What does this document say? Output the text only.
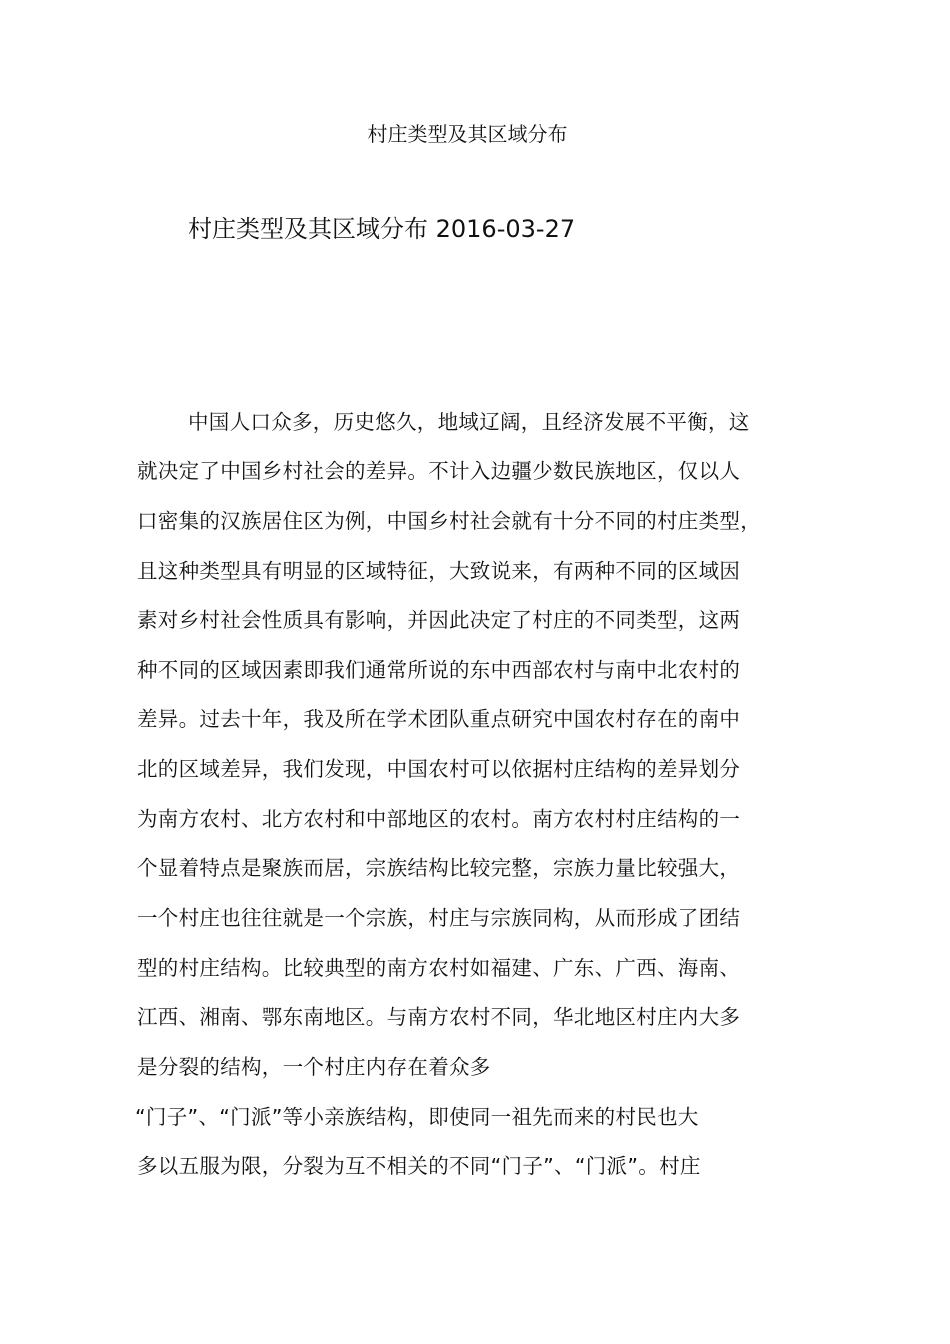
村庄类型及其区域分布
村庄类型及其区域分布 2016-03-27
中国人口众多，历史悠久，地域辽阔，且经济发展不平衡，这
就决定了中国乡村社会的差异。不计入边疆少数民族地区，仅以人
口密集的汉族居住区为例，中国乡村社会就有十分不同的村庄类型，
且这种类型具有明显的区域特征，大致说来，有两种不同的区域因
素对乡村社会性质具有影响，并因此决定了村庄的不同类型，这两
种不同的区域因素即我们通常所说的东中西部农村与南中北农村的
差异。过去十年，我及所在学术团队重点研究中国农村存在的南中
北的区域差异，我们发现，中国农村可以依据村庄结构的差异划分
为南方农村、北方农村和中部地区的农村。南方农村村庄结构的一
个显着特点是聚族而居，宗族结构比较完整，宗族力量比较强大，
一个村庄也往往就是一个宗族，村庄与宗族同构，从而形成了团结
型的村庄结构。比较典型的南方农村如福建、广东、广西、海南、
江西、湘南、鄂东南地区。与南方农村不同，华北地区村庄内大多
是分裂的结构，一个村庄内存在着众多
“门子”、“门派”等小亲族结构，即使同一祖先而来的村民也大
多以五服为限，分裂为互不相关的不同“门子”、“门派”。村庄
